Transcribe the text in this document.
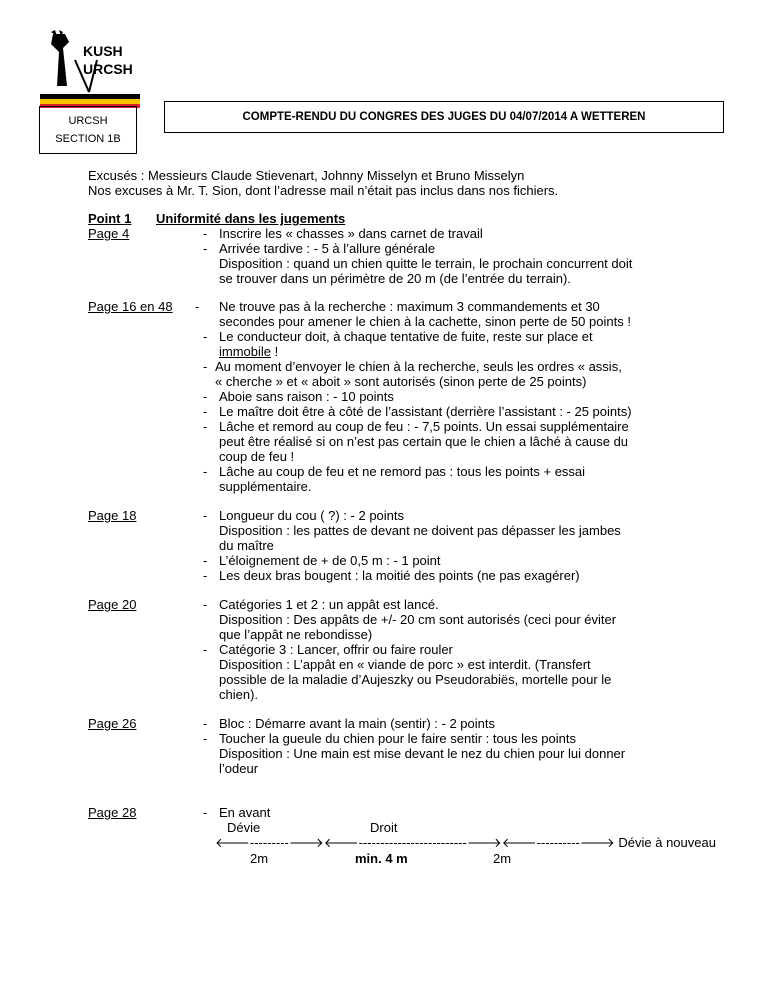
KUSH
URCSH
URCSH
SECTION 1B
COMPTE-RENDU DU CONGRES DES JUGES DU 04/07/2014 A WETTEREN
Excusés : Messieurs Claude Stievenart, Johnny Misselyn et Bruno Misselyn
Nos excuses à Mr. T. Sion, dont l’adresse mail n’était pas inclus dans nos fichiers.
Point 1 Uniformité dans les jugements
Page 4	- Inscrire les « chasses » dans carnet de travail
- Arrivée tardive : - 5 à l’allure générale
Disposition : quand un chien quitte le terrain, le prochain concurrent doit
se trouver dans un périmètre de 20 m (de l’entrée du terrain).
Page 16 en 48 - Ne trouve pas à la recherche : maximum 3 commandements et 30
secondes pour amener le chien à la cachette, sinon perte de 50 points !
- Le conducteur doit, à chaque tentative de fuite, reste sur place et
immobile !
- Au moment d’envoyer le chien à la recherche, seuls les ordres « assis,
« cherche » et « aboit » sont autorisés (sinon perte de 25 points)
- Aboie sans raison : - 10 points
- Le maître doit être à côté de l’assistant (derrière l’assistant : - 25 points)
- Lâche et remord au coup de feu : - 7,5 points. Un essai supplémentaire
peut être réalisé si on n’est pas certain que le chien a lâché à cause du
coup de feu !
- Lâche au coup de feu et ne remord pas : tous les points + essai
supplémentaire.
Page 18	- Longueur du cou ( ?) : - 2 points
Disposition : les pattes de devant ne doivent pas dépasser les jambes
du maître
- L’éloignement de + de 0,5 m : - 1 point
- Les deux bras bougent : la moitié des points (ne pas exagérer)
Page 20	- Catégories 1 et 2 : un appât est lancé.
Disposition : Des appâts de +/- 20 cm sont autorisés (ceci pour éviter
que l’appât ne rebondisse)
- Catégorie 3 : Lancer, offrir ou faire rouler
Disposition : L’appât en « viande de porc » est interdit. (Transfert
possible de la maladie d’Aujeszky ou Pseudorabiës, mortelle pour le
chien).
Page 26	- Bloc : Démarre avant la main (sentir) : - 2 points
- Toucher la gueule du chien pour le faire sentir : tous les points
Disposition : Une main est mise devant le nez du chien pour lui donner
l’odeur
Page 28	- En avant
Dévie	Droit
🡐---------🡒🡐-------------------------🡒🡐----------🡒 Dévie à nouveau
2m	min. 4 m	2m
